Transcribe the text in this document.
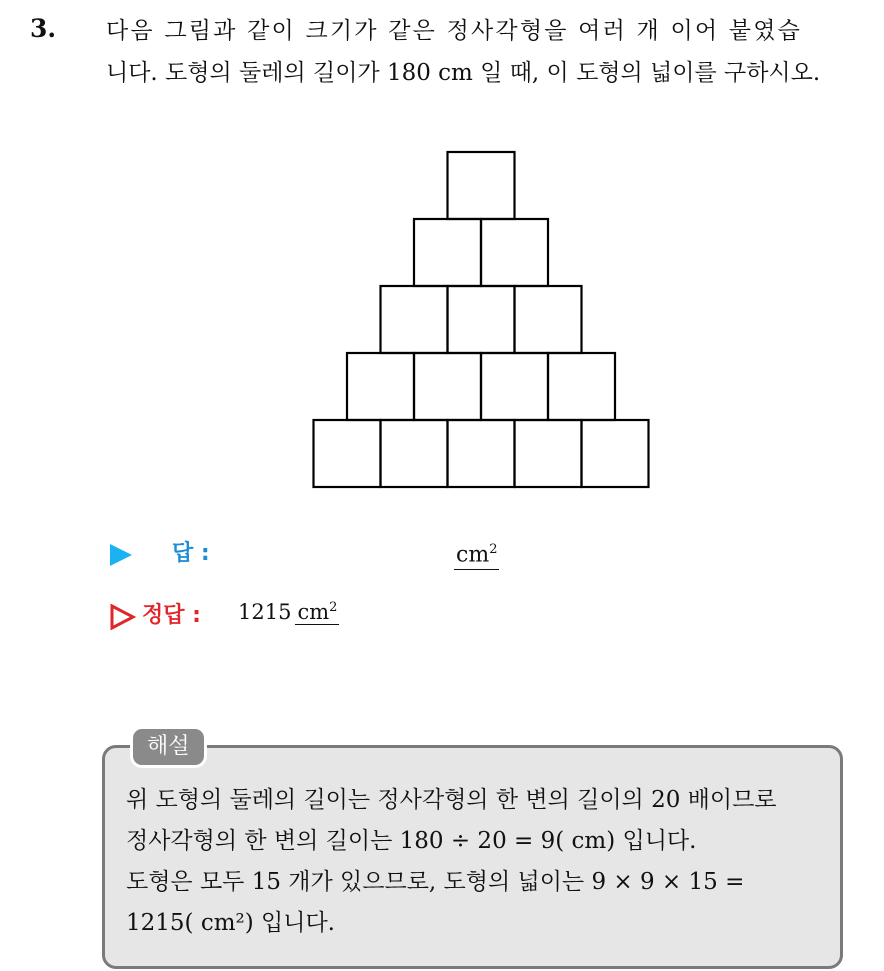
3. 다음 그림과 같이 크기가 같은 정사각형을 여러 개 이어 붙였습
니다. 도형의 둘레의 길이가 180 cm 일 때, 이 도형의 넓이를 구하시오.
답 :	$cm^2$
정답 : 1215 $cm^2$
해설
위 도형의 둘레의 길이는 정사각형의 한 변의 길이의 20 배이므로
정사각형의 한 변의 길이는 180 ÷ 20 = 9( cm) 입니다.
도형은 모두 15 개가 있으므로, 도형의 넓이는 9 × 9 × 15 =
1215( cm²) 입니다.
